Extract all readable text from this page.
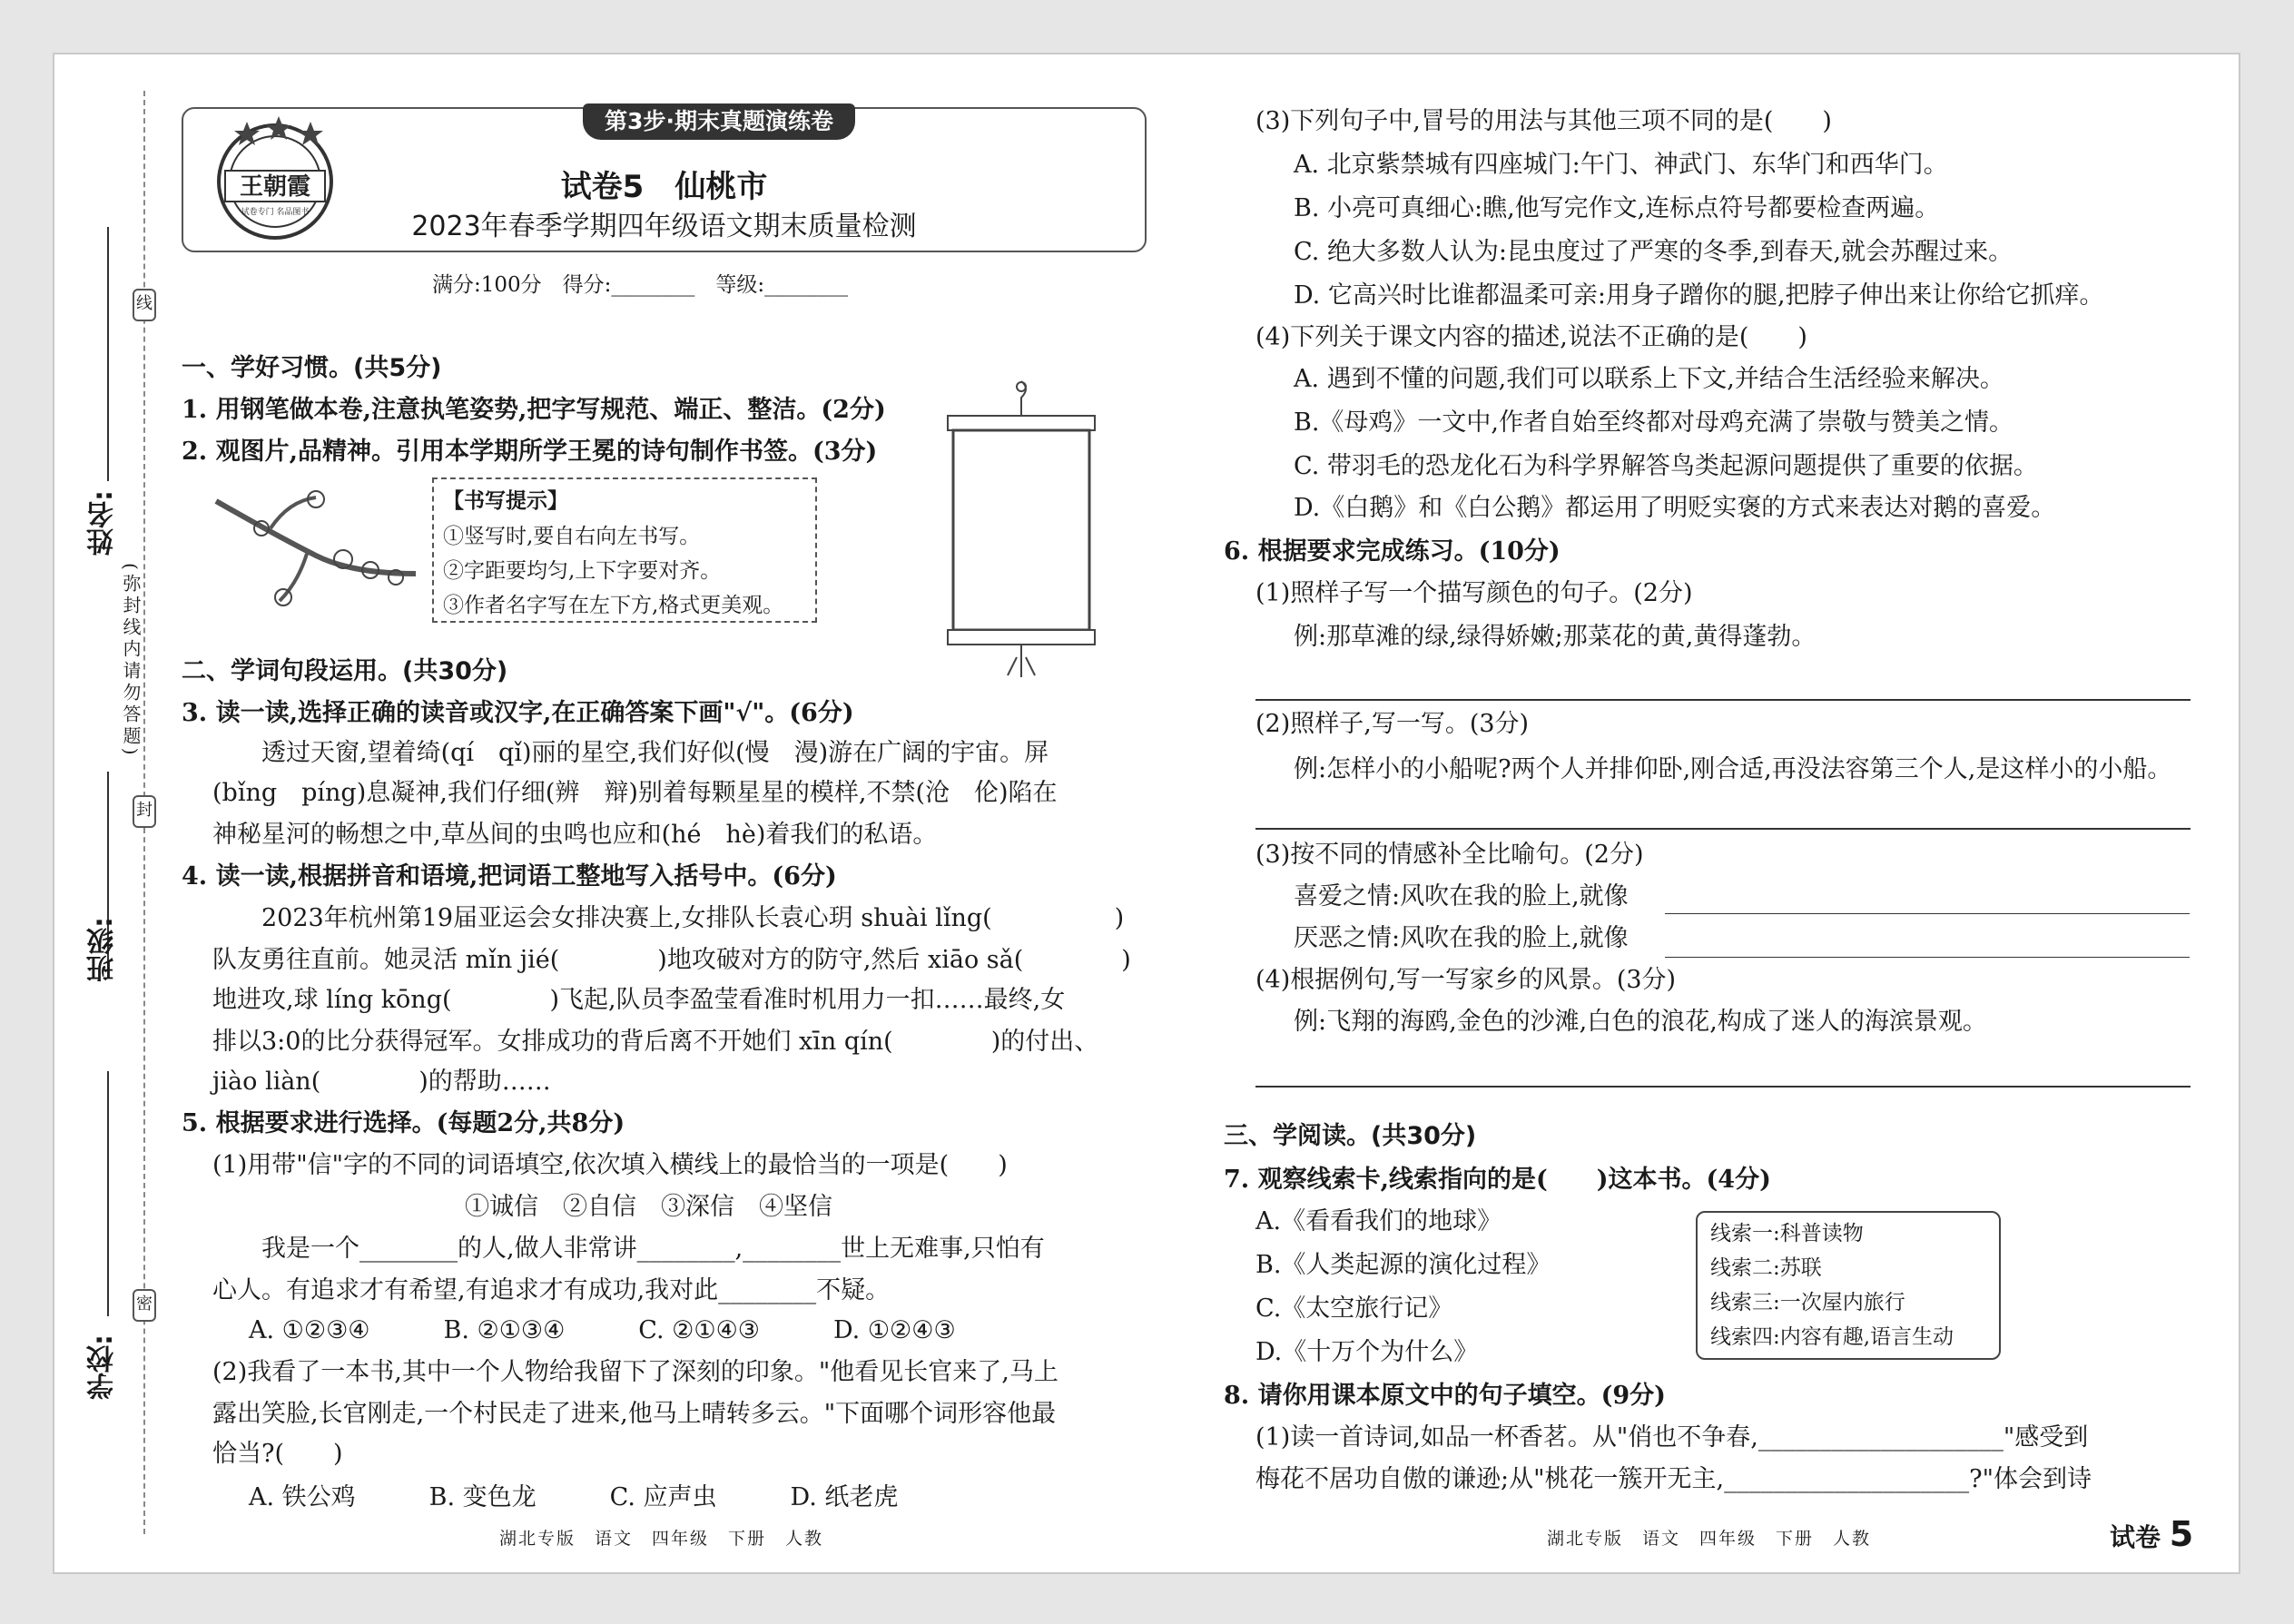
线
封
密
(弥封线内请勿答题)
姓名:
班级:
学校:
第3步·期末真题演练卷
王朝霞
试卷专门 名品图书
试卷5　仙桃市
2023年春季学期四年级语文期末质量检测
满分:100分　得分:________　等级:________
一、学好习惯。(共5分)
1. 用钢笔做本卷,注意执笔姿势,把字写规范、端正、整洁。(2分)
2. 观图片,品精神。引用本学期所学王冕的诗句制作书签。(3分)
二、学词句段运用。(共30分)
3. 读一读,选择正确的读音或汉字,在正确答案下画"√"。(6分)
　　透过天窗,望着绮(qí　qǐ)丽的星空,我们好似(慢　漫)游在广阔的宇宙。屏
(bǐng　píng)息凝神,我们仔细(辨　辩)别着每颗星星的模样,不禁(沧　伦)陷在
神秘星河的畅想之中,草丛间的虫鸣也应和(hé　hè)着我们的私语。
4. 读一读,根据拼音和语境,把词语工整地写入括号中。(6分)
　　2023年杭州第19届亚运会女排决赛上,女排队长袁心玥 shuài lǐng(　　　　　)
队友勇往直前。她灵活 mǐn jié(　　　　)地攻破对方的防守,然后 xiāo sǎ(　　　　)
地进攻,球 líng kōng(　　　　)飞起,队员李盈莹看准时机用力一扣……最终,女
排以3:0的比分获得冠军。女排成功的背后离不开她们 xīn qín(　　　　)的付出、
jiào liàn(　　　　)的帮助……
5. 根据要求进行选择。(每题2分,共8分)
(1)用带"信"字的不同的词语填空,依次填入横线上的最恰当的一项是(　　)
①诚信　②自信　③深信　④坚信
　　我是一个________的人,做人非常讲________,________世上无难事,只怕有
心人。有追求才有希望,有追求才有成功,我对此________不疑。
A. ①②③④　　　B. ②①③④　　　C. ②①④③　　　D. ①②④③
(2)我看了一本书,其中一个人物给我留下了深刻的印象。"他看见长官来了,马上
露出笑脸,长官刚走,一个村民走了进来,他马上晴转多云。"下面哪个词形容他最
恰当?(　　)
A. 铁公鸡　　　B. 变色龙　　　C. 应声虫　　　D. 纸老虎
【书写提示】
①竖写时,要自右向左书写。
②字距要均匀,上下字要对齐。
③作者名字写在左下方,格式更美观。
(3)下列句子中,冒号的用法与其他三项不同的是(　　)
A. 北京紫禁城有四座城门:午门、神武门、东华门和西华门。
B. 小亮可真细心:瞧,他写完作文,连标点符号都要检查两遍。
C. 绝大多数人认为:昆虫度过了严寒的冬季,到春天,就会苏醒过来。
D. 它高兴时比谁都温柔可亲:用身子蹭你的腿,把脖子伸出来让你给它抓痒。
(4)下列关于课文内容的描述,说法不正确的是(　　)
A. 遇到不懂的问题,我们可以联系上下文,并结合生活经验来解决。
B.《母鸡》一文中,作者自始至终都对母鸡充满了崇敬与赞美之情。
C. 带羽毛的恐龙化石为科学界解答鸟类起源问题提供了重要的依据。
D.《白鹅》和《白公鹅》都运用了明贬实褒的方式来表达对鹅的喜爱。
6. 根据要求完成练习。(10分)
(1)照样子写一个描写颜色的句子。(2分)
例:那草滩的绿,绿得娇嫩;那菜花的黄,黄得蓬勃。
(2)照样子,写一写。(3分)
例:怎样小的小船呢?两个人并排仰卧,刚合适,再没法容第三个人,是这样小的小船。
(3)按不同的情感补全比喻句。(2分)
喜爱之情:风吹在我的脸上,就像
厌恶之情:风吹在我的脸上,就像
(4)根据例句,写一写家乡的风景。(3分)
例:飞翔的海鸥,金色的沙滩,白色的浪花,构成了迷人的海滨景观。
三、学阅读。(共30分)
7. 观察线索卡,线索指向的是(　　)这本书。(4分)
A.《看看我们的地球》
B.《人类起源的演化过程》
C.《太空旅行记》
D.《十万个为什么》
8. 请你用课本原文中的句子填空。(9分)
(1)读一首诗词,如品一杯香茗。从"俏也不争春,____________________"感受到
梅花不居功自傲的谦逊;从"桃花一簇开无主,____________________?"体会到诗
线索一:科普读物
线索二:苏联
线索三:一次屋内旅行
线索四:内容有趣,语言生动
湖北专版　语文　四年级　下册　人教	湖北专版　语文　四年级　下册　人教	试卷 5
